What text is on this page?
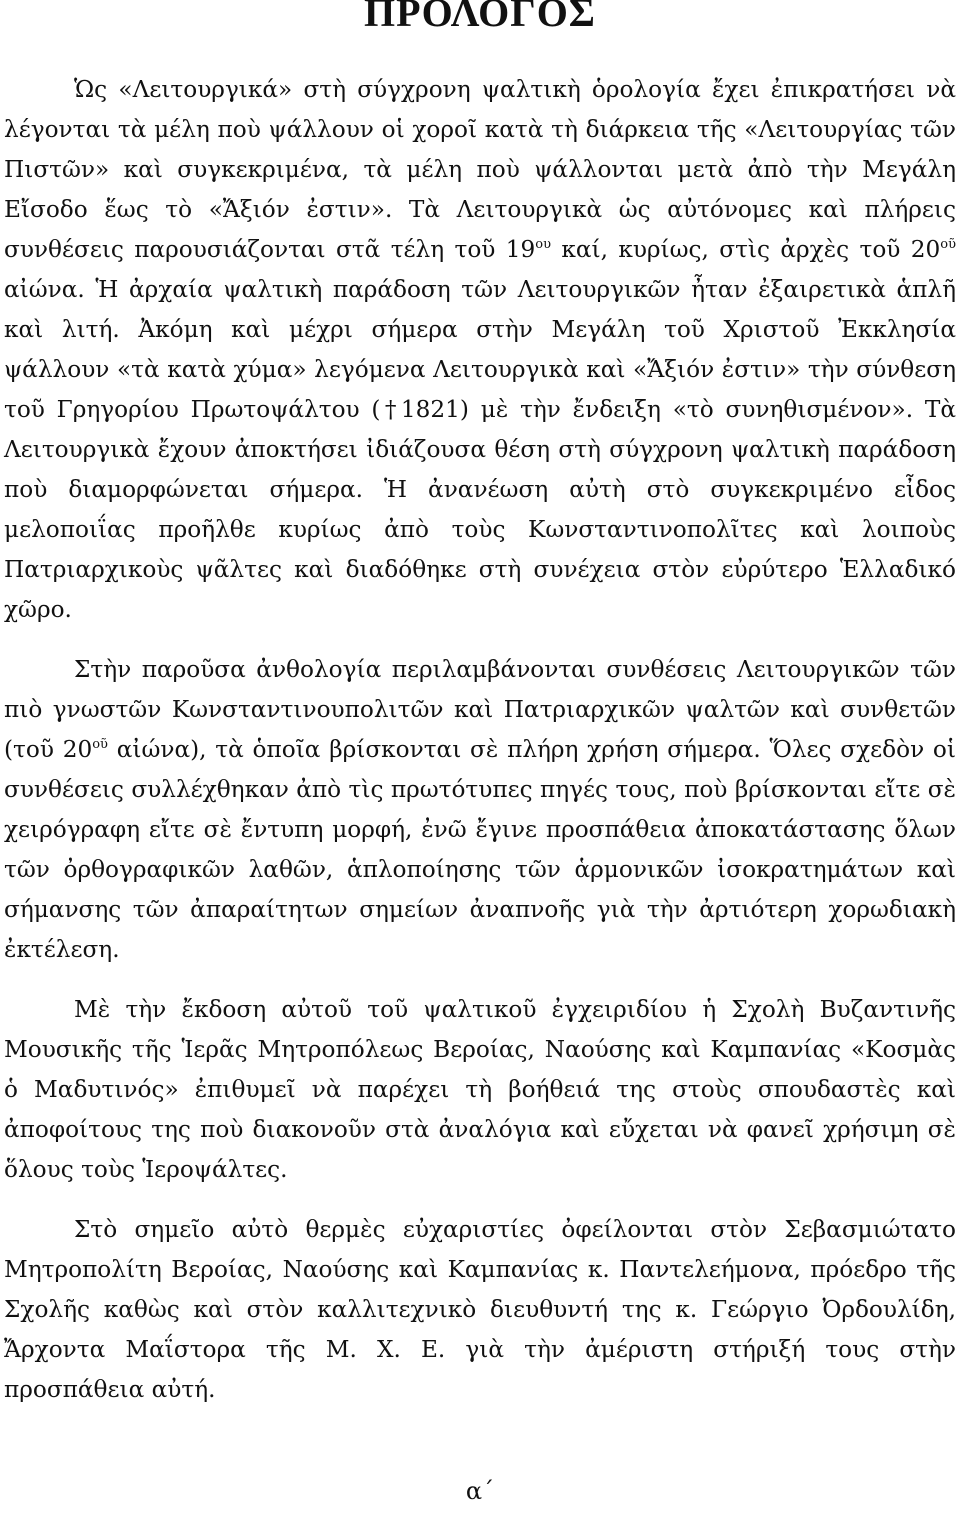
ΠΡΟΛΟΓΟΣ

Ὡς «Λειτουργικά» στὴ σύγχρονη ψαλτικὴ ὁρολογία ἔχει ἐπικρατήσει νὰ λέγονται τὰ μέλη ποὺ ψάλλουν οἱ χοροῖ κατὰ τὴ διάρκεια τῆς «Λειτουργίας τῶν Πιστῶν» καὶ συγκεκριμένα, τὰ μέλη ποὺ ψάλλονται μετὰ ἀπὸ τὴν Μεγάλη Εἴσοδο ἕως τὸ «Ἄξιόν ἐστιν». Τὰ Λειτουργικὰ ὡς αὐτόνομες καὶ πλήρεις συνθέσεις παρουσιάζονται στᾶ τέλη τοῦ $19^{o\upsilon}$ καί, κυρίως, στὶς ἀρχὲς τοῦ $20^{oῦ}$ αἰώνα. Ἡ ἀρχαία ψαλτικὴ παράδοση τῶν Λειτουργικῶν ἦταν ἐξαιρετικὰ ἁπλῆ καὶ λιτή. Ἀκόμη καὶ μέχρι σήμερα στὴν Μεγάλη τοῦ Χριστοῦ Ἐκκλησία ψάλλουν «τὰ κατὰ χύμα» λεγόμενα Λειτουργικὰ καὶ «Ἄξιόν ἐστιν» τὴν σύνθεση τοῦ Γρηγορίου Πρωτοψάλτου (†1821) μὲ τὴν ἔνδειξη «τὸ συνηθισμένον». Τὰ Λειτουργικὰ ἔχουν ἀποκτήσει ἰδιάζουσα θέση στὴ σύγχρονη ψαλτικὴ παράδοση ποὺ διαμορφώνεται σήμερα. Ἡ ἀνανέωση αὐτὴ στὸ συγκεκριμένο εἶδος μελοποιΐας προῆλθε κυρίως ἀπὸ τοὺς Κωνσταντινοπολῖτες καὶ λοιποὺς Πατριαρχικοὺς ψᾶλτες καὶ διαδόθηκε στὴ συνέχεια στὸν εὐρύτερο Ἑλλαδικό χῶρο.

Στὴν παροῦσα ἀνθολογία περιλαμβάνονται συνθέσεις Λειτουργικῶν τῶν πιὸ γνωστῶν Κωνσταντινουπολιτῶν καὶ Πατριαρχικῶν ψαλτῶν καὶ συνθετῶν (τοῦ $20^{oῦ}$ αἰώνα), τὰ ὁποῖα βρίσκονται σὲ πλήρη χρήση σήμερα. Ὅλες σχεδὸν οἱ συνθέσεις συλλέχθηκαν ἀπὸ τὶς πρωτότυπες πηγές τους, ποὺ βρίσκονται εἴτε σὲ χειρόγραφη εἴτε σὲ ἔντυπη μορφή, ἐνῶ ἔγινε προσπάθεια ἀποκατάστασης ὅλων τῶν ὀρθογραφικῶν λαθῶν, ἁπλοποίησης τῶν ἁρμονικῶν ἰσοκρατημάτων καὶ σήμανσης τῶν ἀπαραίτητων σημείων ἀναπνοῆς γιὰ τὴν ἀρτιότερη χορωδιακὴ ἐκτέλεση.

Μὲ τὴν ἔκδοση αὐτοῦ τοῦ ψαλτικοῦ ἐγχειριδίου ἡ Σχολὴ Βυζαντινῆς Μουσικῆς τῆς Ἱερᾶς Μητροπόλεως Βεροίας, Ναούσης καὶ Καμπανίας «Κοσμὰς ὁ Μαδυτινός» ἐπιθυμεῖ νὰ παρέχει τὴ βοήθειά της στοὺς σπουδαστὲς καὶ ἀποφοίτους της ποὺ διακονοῦν στὰ ἀναλόγια καὶ εὔχεται νὰ φανεῖ χρήσιμη σὲ ὅλους τοὺς Ἱεροψάλτες.

Στὸ σημεῖο αὐτὸ θερμὲς εὐχαριστίες ὀφείλονται στὸν Σεβασμιώτατο Μητροπολίτη Βεροίας, Ναούσης καὶ Καμπανίας κ. Παντελεήμονα, πρόεδρο τῆς Σχολῆς καθὼς καὶ στὸν καλλιτεχνικὸ διευθυντή της κ. Γεώργιο Ὀρδουλίδη, Ἄρχοντα Μαΐστορα τῆς Μ. Χ. Ε. γιὰ τὴν ἀμέριστη στήριξή τους στὴν προσπάθεια αὐτή.

α΄
